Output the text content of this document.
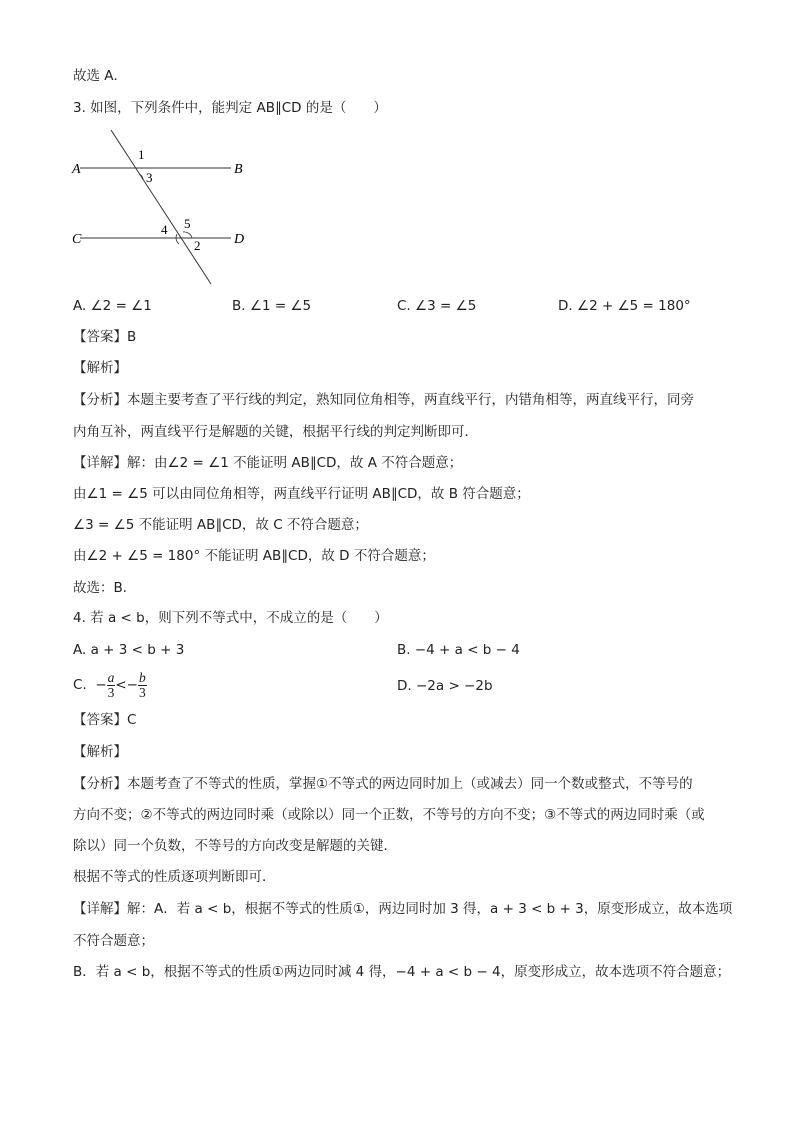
故选 A．
3. 如图，下列条件中，能判定 AB∥CD 的是（　　）
A	B
C	D
1
3
4 5
2
A. ∠2 = ∠1	B. ∠1 = ∠5	C. ∠3 = ∠5	D. ∠2 + ∠5 = 180°
【答案】B
【解析】
【分析】本题主要考查了平行线的判定，熟知同位角相等，两直线平行，内错角相等，两直线平行，同旁
内角互补，两直线平行是解题的关键，根据平行线的判定判断即可．
【详解】解：由∠2 = ∠1 不能证明 AB∥CD，故 A 不符合题意；
由∠1 = ∠5 可以由同位角相等，两直线平行证明 AB∥CD，故 B 符合题意；
∠3 = ∠5 不能证明 AB∥CD，故 C 不符合题意；
由∠2 + ∠5 = 180° 不能证明 AB∥CD，故 D 不符合题意；
故选：B．
4. 若 a < b，则下列不等式中，不成立的是（　　）
A. a + 3 < b + 3	B. −4 + a < b − 4
C. − $\frac{a}{3} <- \frac{b}{3}$	D. −2a > −2b
【答案】C
【解析】
【分析】本题考查了不等式的性质，掌握①不等式的两边同时加上（或减去）同一个数或整式，不等号的
方向不变；②不等式的两边同时乘（或除以）同一个正数，不等号的方向不变；③不等式的两边同时乘（或
除以）同一个负数，不等号的方向改变是解题的关键．
根据不等式的性质逐项判断即可．
【详解】解：A．若 a < b，根据不等式的性质①，两边同时加 3 得，a + 3 < b + 3，原变形成立，故本选项
不符合题意；
B．若 a < b，根据不等式的性质①两边同时减 4 得，−4 + a < b − 4，原变形成立，故本选项不符合题意；
